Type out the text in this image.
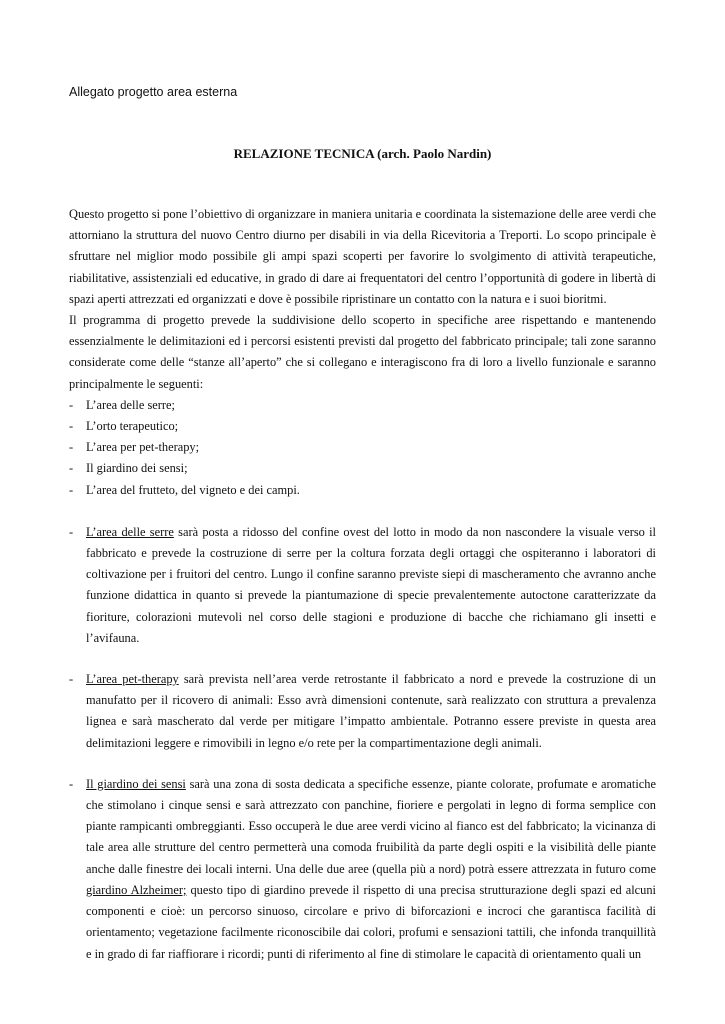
Allegato progetto area esterna
RELAZIONE TECNICA (arch. Paolo Nardin)

Questo progetto si pone l’obiettivo di organizzare in maniera unitaria e coordinata la sistemazione delle aree verdi che attorniano la struttura del nuovo Centro diurno per disabili in via della Ricevitoria a Treporti. Lo scopo principale è sfruttare nel miglior modo possibile gli ampi spazi scoperti per favorire lo svolgimento di attività terapeutiche, riabilitative, assistenziali ed educative, in grado di dare ai frequentatori del centro l’opportunità di godere in libertà di spazi aperti attrezzati ed organizzati e dove è possibile ripristinare un contatto con la natura e i suoi bioritmi.

Il programma di progetto prevede la suddivisione dello scoperto in specifiche aree rispettando e mantenendo essenzialmente le delimitazioni ed i percorsi esistenti previsti dal progetto del fabbricato principale; tali zone saranno considerate come delle “stanze all’aperto” che si collegano e interagiscono fra di loro a livello funzionale e saranno principalmente le seguenti:

- L’area delle serre;
- L’orto terapeutico;
- L’area per pet-therapy;
- Il giardino dei sensi;
- L’area del frutteto, del vigneto e dei campi.
- L’area delle serre sarà posta a ridosso del confine ovest del lotto in modo da non nascondere la visuale verso il fabbricato e prevede la costruzione di serre per la coltura forzata degli ortaggi che ospiteranno i laboratori di coltivazione per i fruitori del centro. Lungo il confine saranno previste siepi di mascheramento che avranno anche funzione didattica in quanto si prevede la piantumazione di specie prevalentemente autoctone caratterizzate da fioriture, colorazioni mutevoli nel corso delle stagioni e produzione di bacche che richiamano gli insetti e l’avifauna.
- L’area pet-therapy sarà prevista nell’area verde retrostante il fabbricato a nord e prevede la costruzione di un manufatto per il ricovero di animali: Esso avrà dimensioni contenute, sarà realizzato con struttura a prevalenza lignea e sarà mascherato dal verde per mitigare l’impatto ambientale. Potranno essere previste in questa area delimitazioni leggere e rimovibili in legno e/o rete per la compartimentazione degli animali.
- Il giardino dei sensi sarà una zona di sosta dedicata a specifiche essenze, piante colorate, profumate e aromatiche che stimolano i cinque sensi e sarà attrezzato con panchine, fioriere e pergolati in legno di forma semplice con piante rampicanti ombreggianti. Esso occuperà le due aree verdi vicino al fianco est del fabbricato; la vicinanza di tale area alle strutture del centro permetterà una comoda fruibilità da parte degli ospiti e la visibilità delle piante anche dalle finestre dei locali interni. Una delle due aree (quella più a nord) potrà essere attrezzata in futuro come giardino Alzheimer; questo tipo di giardino prevede il rispetto di una precisa strutturazione degli spazi ed alcuni componenti e cioè: un percorso sinuoso, circolare e privo di biforcazioni e incroci che garantisca facilità di orientamento; vegetazione facilmente riconoscibile dai colori, profumi e sensazioni tattili, che infonda tranquillità e in grado di far riaffiorare i ricordi; punti di riferimento al fine di stimolare le capacità di orientamento quali un
